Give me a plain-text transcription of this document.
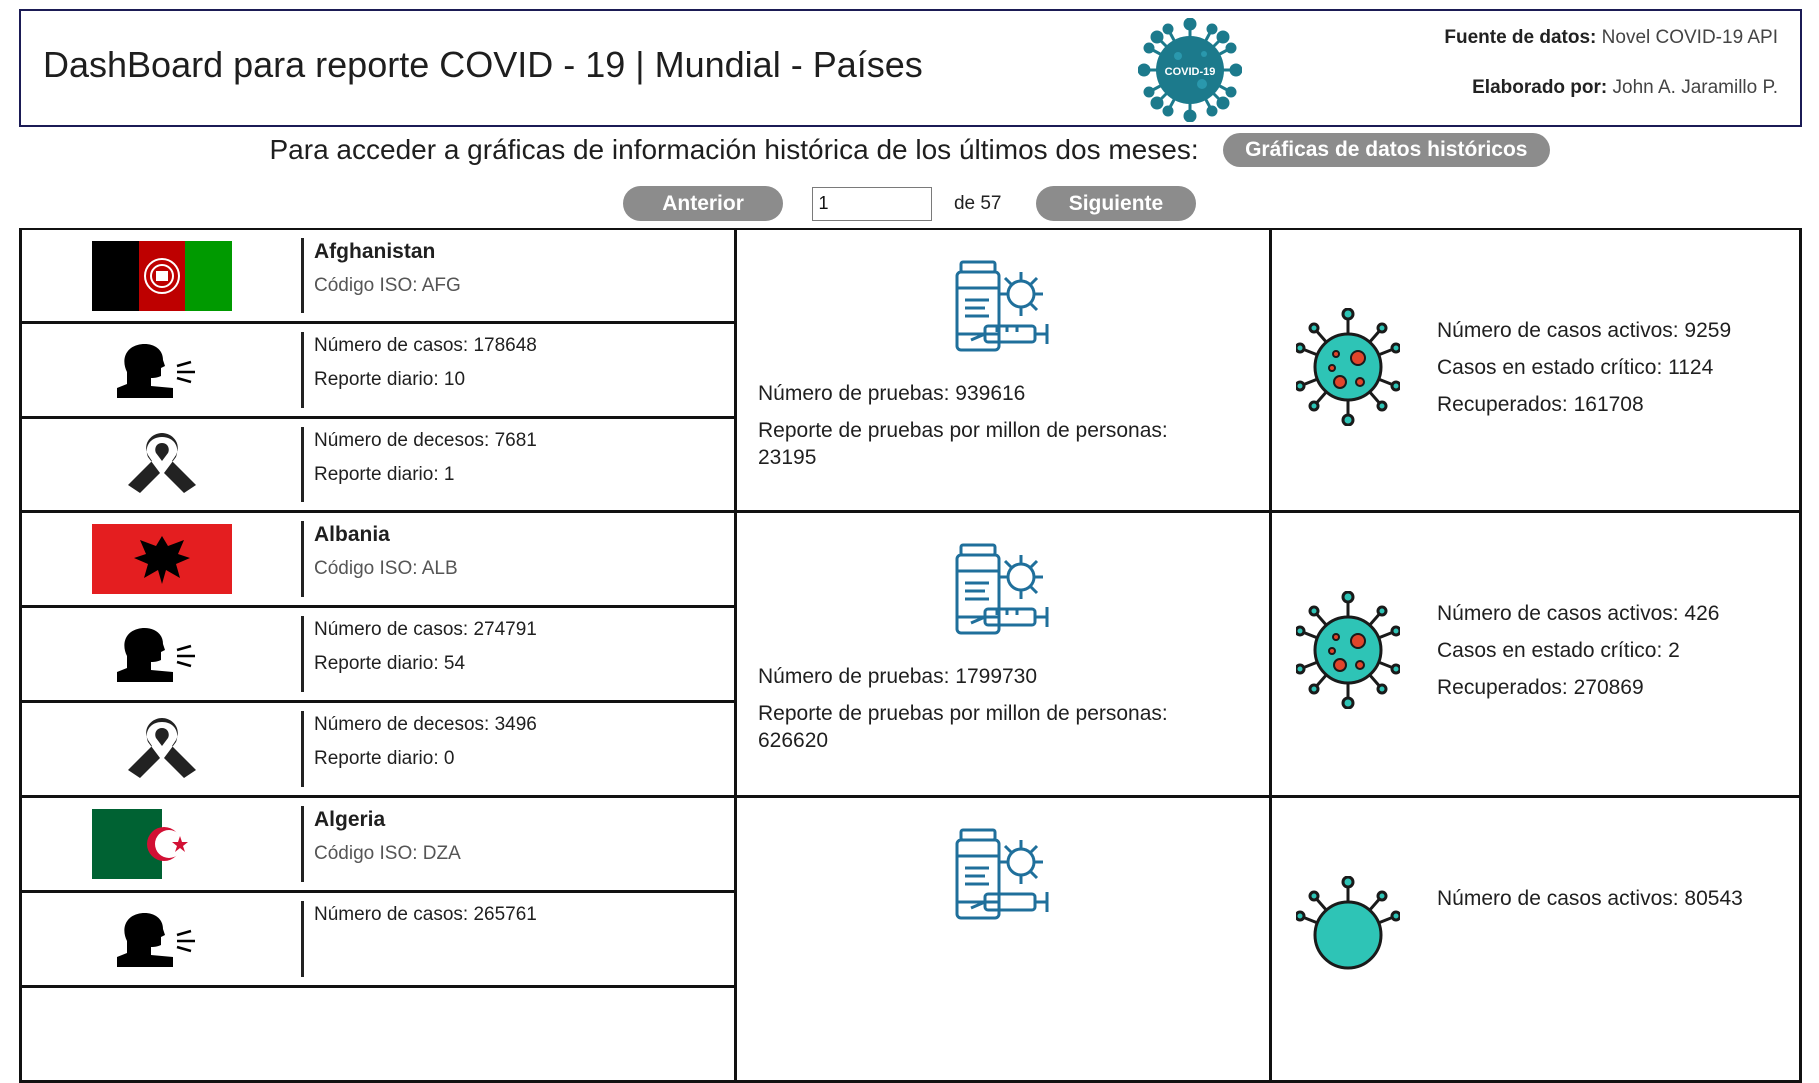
DashBoard para reporte COVID - 19 | Mundial - Países	COVID-19
Fuente de datos: Novel COVID-19 API
Elaborado por: John A. Jaramillo P.
Para acceder a gráficas de información histórica de los últimos dos meses: Gráficas de datos históricos
Anterior 1	de 57	Siguiente
Afghanistan
Código ISO: AFG
Número de casos: 178648
Reporte diario: 10
Número de decesos: 7681
Reporte diario: 1
Número de pruebas: 939616
Reporte de pruebas por millon de personas:
23195
Número de casos activos: 9259
Casos en estado crítico: 1124
Recuperados: 161708
Albania
Código ISO: ALB
Número de casos: 274791
Reporte diario: 54
Número de decesos: 3496
Reporte diario: 0
Número de pruebas: 1799730
Reporte de pruebas por millon de personas:
626620
Número de casos activos: 426
Casos en estado crítico: 2
Recuperados: 270869
Algeria
Código ISO: DZA
Número de casos: 265761
Número de casos activos: 80543
